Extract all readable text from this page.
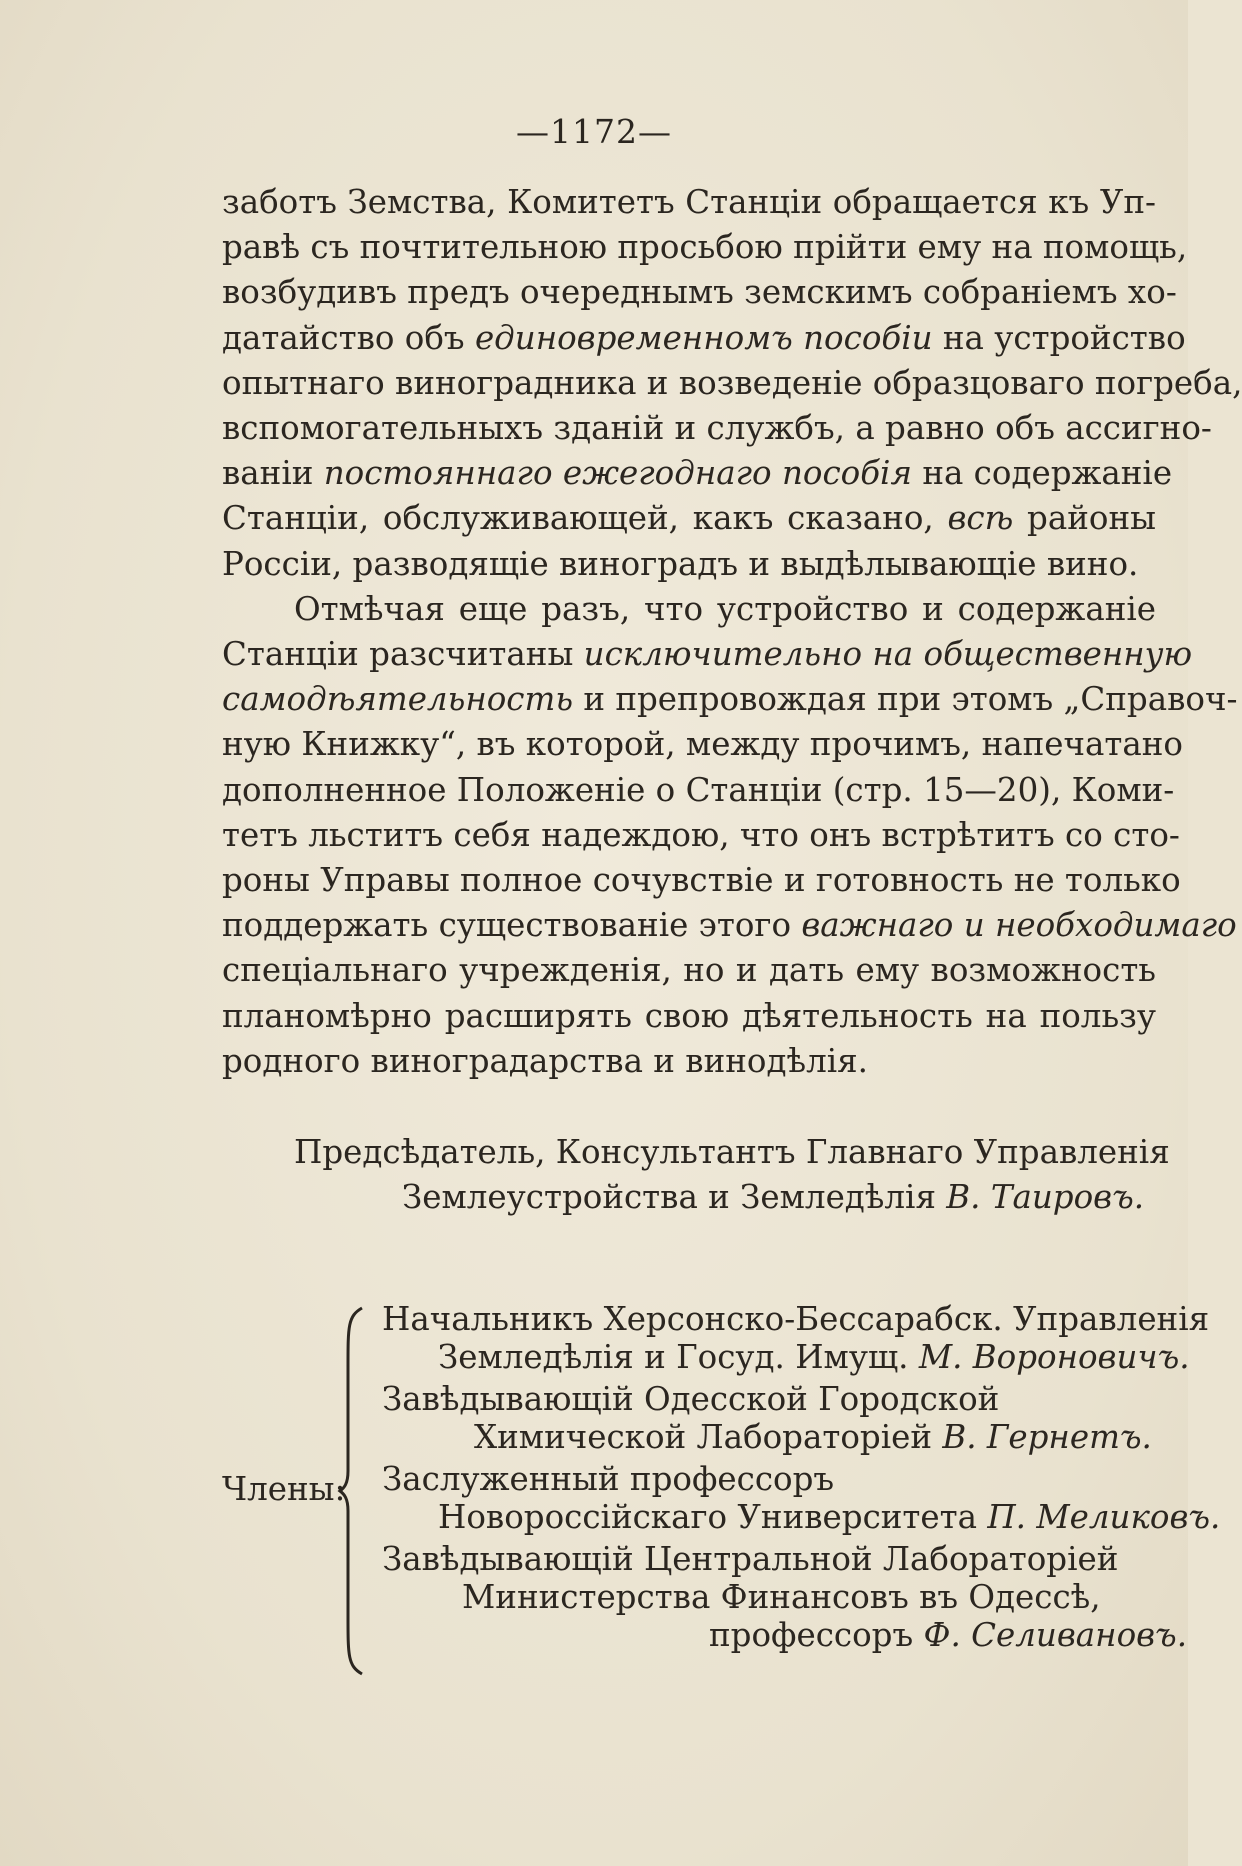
—1172—
заботъ Земства, Комитетъ Станціи обращается къ Уп-
равѣ съ почтительною просьбою прійти ему на помощь,
возбудивъ предъ очереднымъ земскимъ собраніемъ хо-
датайство объ единовременномъ пособіи на устройство
опытнаго виноградника и возведеніе образцоваго погреба,
вспомогательныхъ зданій и службъ, а равно объ ассигно-
ваніи постояннаго ежегоднаго пособія на содержаніе
Станціи, обслуживающей, какъ сказано, всѣ районы
Россіи, разводящіе виноградъ и выдѣлывающіе вино.
Отмѣчая еще разъ, что устройство и содержаніе
Станціи разсчитаны исключительно на общественную
самодѣятельность и препровождая при этомъ „Справоч-
ную Книжку“, въ которой, между прочимъ, напечатано
дополненное Положеніе о Станціи (стр. 15—20), Коми-
тетъ льститъ себя надеждою, что онъ встрѣтитъ со сто-
роны Управы полное сочувствіе и готовность не только
поддержать существованіе этого важнаго и необходимаго
спеціальнаго учрежденія, но и дать ему возможность
планомѣрно расширять свою дѣятельность на пользу
родного виноградарства и винодѣлія.
Предсѣдатель, Консультантъ Главнаго Управленія
Землеустройства и Земледѣлія В. Таировъ.
Члены:
Начальникъ Херсонско-Бессарабск. Управленія
Земледѣлія и Госуд. Имущ. М. Вороновичъ.
Завѣдывающій Одесской Городской
Химической Лабораторіей В. Гернетъ.
Заслуженный профессоръ
Новороссійскаго Университета П. Меликовъ.
Завѣдывающій Центральной Лабораторіей
Министерства Финансовъ въ Одессѣ,
профессоръ Ф. Селивановъ.
